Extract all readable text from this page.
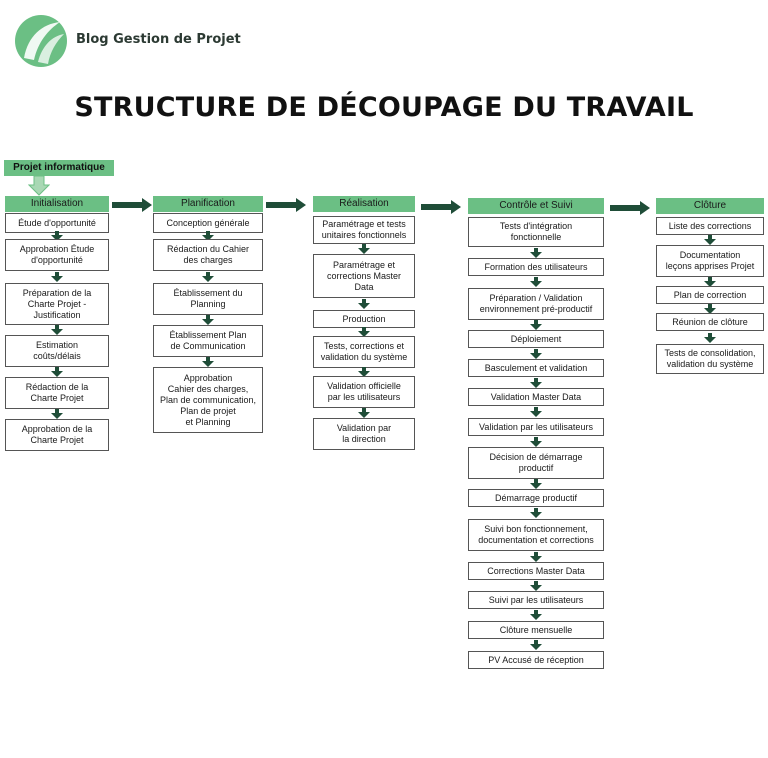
Blog Gestion de Projet
STRUCTURE DE DÉCOUPAGE DU TRAVAIL
Projet informatique
Initialisation
Étude d'opportunité
Approbation Étude
d'opportunité
Préparation de la
Charte Projet -
Justification
Estimation
coûts/délais
Rédaction de la
Charte Projet
Approbation de la
Charte Projet
Planification
Conception générale
Rédaction du Cahier
des charges
Établissement du
Planning
Établissement Plan
de Communication
Approbation
Cahier des charges,
Plan de communication,
Plan de projet
et Planning
Réalisation
Paramétrage et tests
unitaires fonctionnels
Paramétrage et
corrections Master
Data
Production
Tests, corrections et
validation du système
Validation officielle
par les utilisateurs
Validation par
la direction
Contrôle et Suivi
Tests d'intégration
fonctionnelle
Formation des utilisateurs
Préparation / Validation
environnement pré-productif
Déploiement
Basculement et validation
Validation Master Data
Validation par les utilisateurs
Décision de démarrage
productif
Démarrage productif
Suivi bon fonctionnement,
documentation et corrections
Corrections Master Data
Suivi par les utilisateurs
Clôture mensuelle
PV Accusé de réception
Clôture
Liste des corrections
Documentation
leçons apprises Projet
Plan de correction
Réunion de clôture
Tests de consolidation,
validation du système
